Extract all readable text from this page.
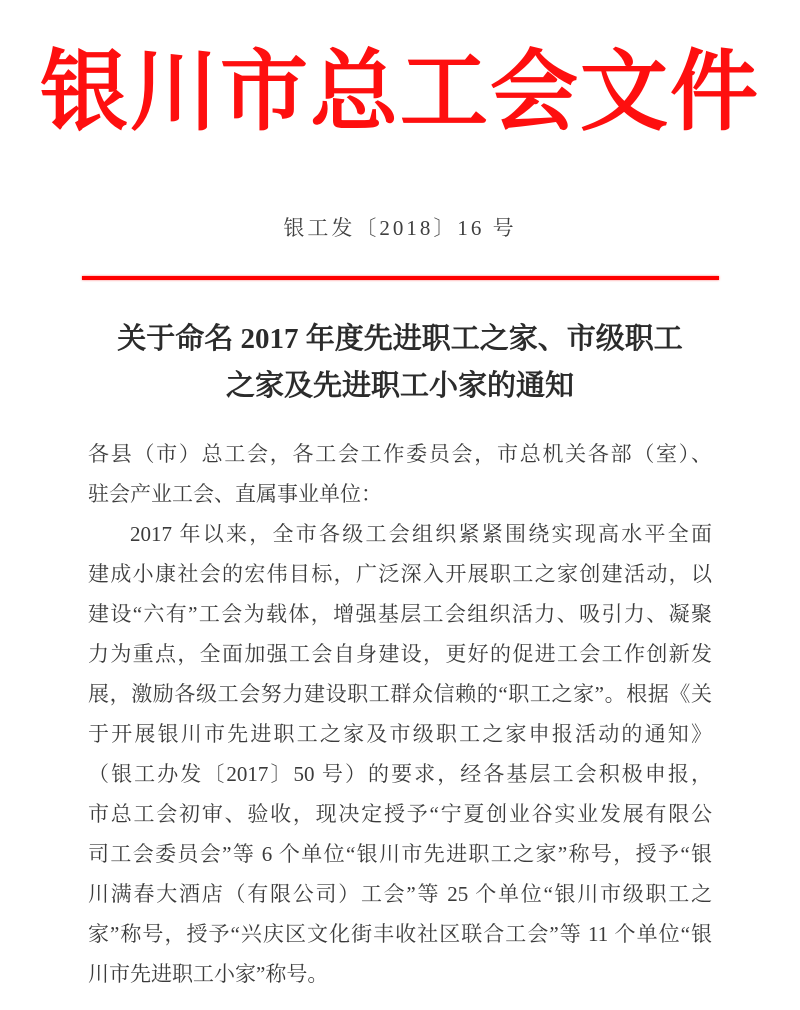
银川市总工会文件
银工发〔2018〕16 号
关于命名 2017 年度先进职工之家、市级职工
之家及先进职工小家的通知
各县（市）总工会，各工会工作委员会，市总机关各部（室）、
驻会产业工会、直属事业单位：
2017 年以来，全市各级工会组织紧紧围绕实现高水平全面
建成小康社会的宏伟目标，广泛深入开展职工之家创建活动，以
建设“六有”工会为载体，增强基层工会组织活力、吸引力、凝聚
力为重点，全面加强工会自身建设，更好的促进工会工作创新发
展，激励各级工会努力建设职工群众信赖的“职工之家”。根据《关
于开展银川市先进职工之家及市级职工之家申报活动的通知》
（银工办发〔2017〕50 号）的要求，经各基层工会积极申报，
市总工会初审、验收，现决定授予“宁夏创业谷实业发展有限公
司工会委员会”等 6 个单位“银川市先进职工之家”称号，授予“银
川满春大酒店（有限公司）工会”等 25 个单位“银川市级职工之
家”称号，授予“兴庆区文化街丰收社区联合工会”等 11 个单位“银
川市先进职工小家”称号。
